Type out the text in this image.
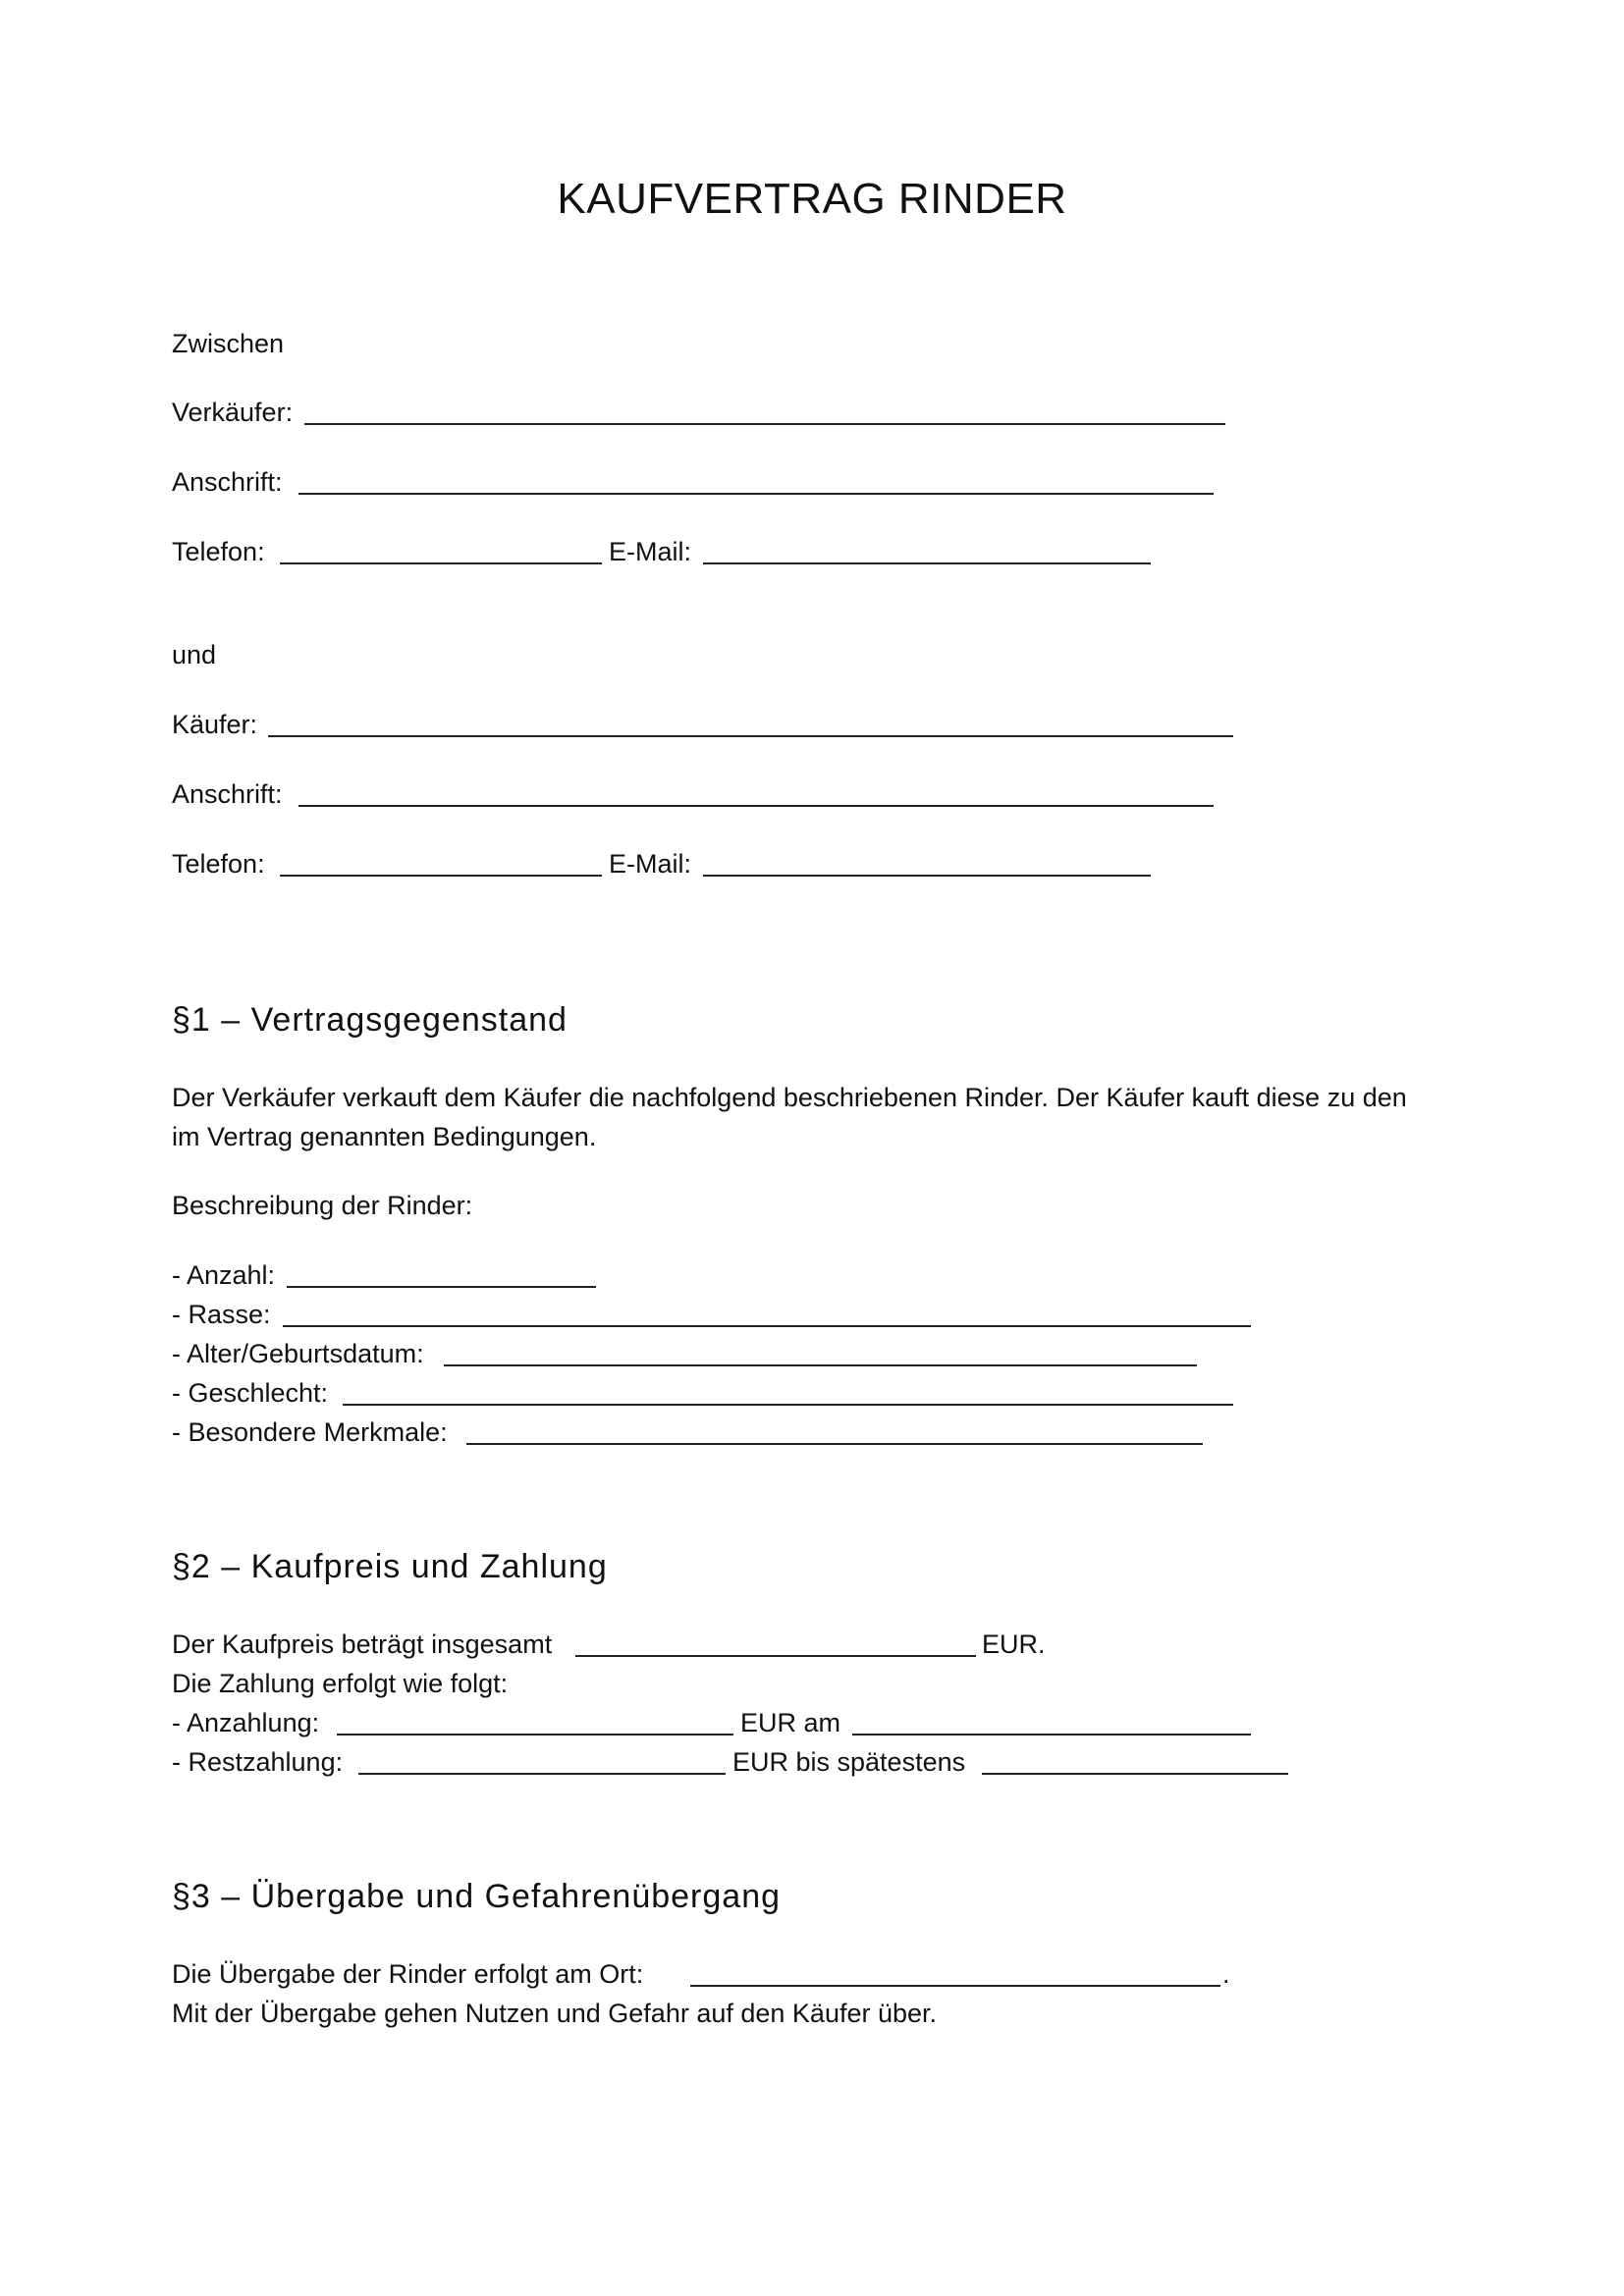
KAUFVERTRAG RINDER
Zwischen
Verkäufer:
Anschrift:
Telefon:	E-Mail:
und
Käufer:
Anschrift:
Telefon:	E-Mail:
§1 – Vertragsgegenstand
Der Verkäufer verkauft dem Käufer die nachfolgend beschriebenen Rinder. Der Käufer kauft diese zu den
im Vertrag genannten Bedingungen.
Beschreibung der Rinder:
- Anzahl:
- Rasse:
- Alter/Geburtsdatum:
- Geschlecht:
- Besondere Merkmale:
§2 – Kaufpreis und Zahlung
Der Kaufpreis beträgt insgesamt	EUR.
Die Zahlung erfolgt wie folgt:
- Anzahlung:	EUR am
- Restzahlung:	EUR bis spätestens
§3 – Übergabe und Gefahrenübergang
Die Übergabe der Rinder erfolgt am Ort:	.
Mit der Übergabe gehen Nutzen und Gefahr auf den Käufer über.
